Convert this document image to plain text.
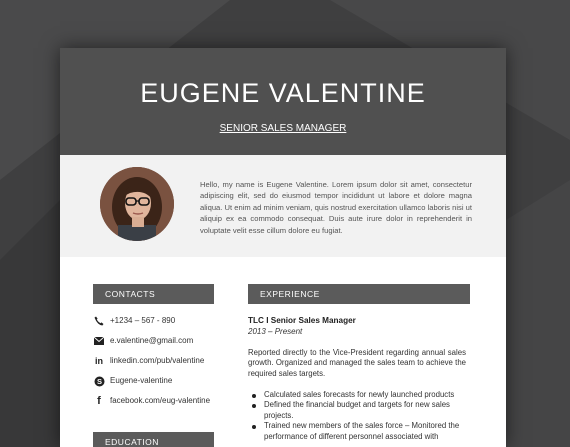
EUGENE VALENTINE
SENIOR SALES MANAGER
Hello, my name is Eugene Valentine. Lorem ipsum dolor sit amet, consectetur adipiscing elit, sed do eiusmod tempor incididunt ut labore et dolore magna aliqua. Ut enim ad minim veniam, quis nostrud exercitation ullamco laboris nisi ut aliquip ex ea commodo consequat. Duis aute irure dolor in reprehenderit in voluptate velit esse cillum dolore eu fugiat.
CONTACTS
+1234 – 567 - 890
e.valentine@gmail.com
in linkedin.com/pub/valentine
S Eugene-valentine
f	facebook.com/eug-valentine
EDUCATION
EXPERIENCE
TLC I Senior Sales Manager
2013 – Present
Reported directly to the Vice-President regarding annual sales growth. Organized and managed the sales team to achieve the required sales targets.
Calculated sales forecasts for newly launched products
Defined the financial budget and targets for new sales projects.
Trained new members of the sales force – Monitored the performance of different personnel associated with
